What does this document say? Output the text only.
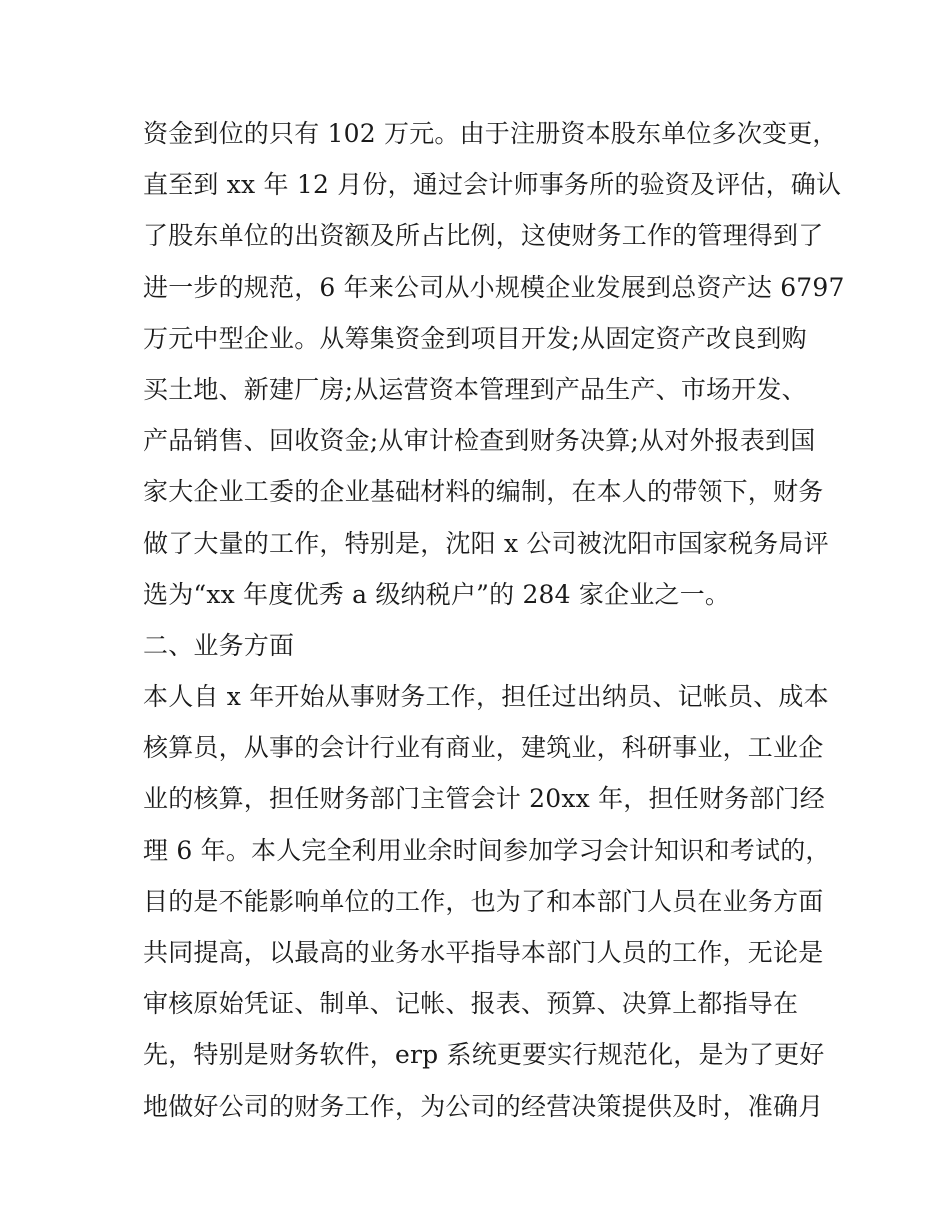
资金到位的只有 102 万元。由于注册资本股东单位多次变更，
直至到 xx 年 12 月份，通过会计师事务所的验资及评估，确认
了股东单位的出资额及所占比例，这使财务工作的管理得到了
进一步的规范，6 年来公司从小规模企业发展到总资产达 6797
万元中型企业。从筹集资金到项目开发;从固定资产改良到购
买土地、新建厂房;从运营资本管理到产品生产、市场开发、
产品销售、回收资金;从审计检查到财务决算;从对外报表到国
家大企业工委的企业基础材料的编制，在本人的带领下，财务
做了大量的工作，特别是，沈阳 x 公司被沈阳市国家税务局评
选为“xx 年度优秀 a 级纳税户”的 284 家企业之一。
二、业务方面
本人自 x 年开始从事财务工作，担任过出纳员、记帐员、成本
核算员，从事的会计行业有商业，建筑业，科研事业，工业企
业的核算，担任财务部门主管会计 20xx 年，担任财务部门经
理 6 年。本人完全利用业余时间参加学习会计知识和考试的，
目的是不能影响单位的工作，也为了和本部门人员在业务方面
共同提高，以最高的业务水平指导本部门人员的工作，无论是
审核原始凭证、制单、记帐、报表、预算、决算上都指导在
先，特别是财务软件，erp 系统更要实行规范化，是为了更好
地做好公司的财务工作，为公司的经营决策提供及时，准确月
